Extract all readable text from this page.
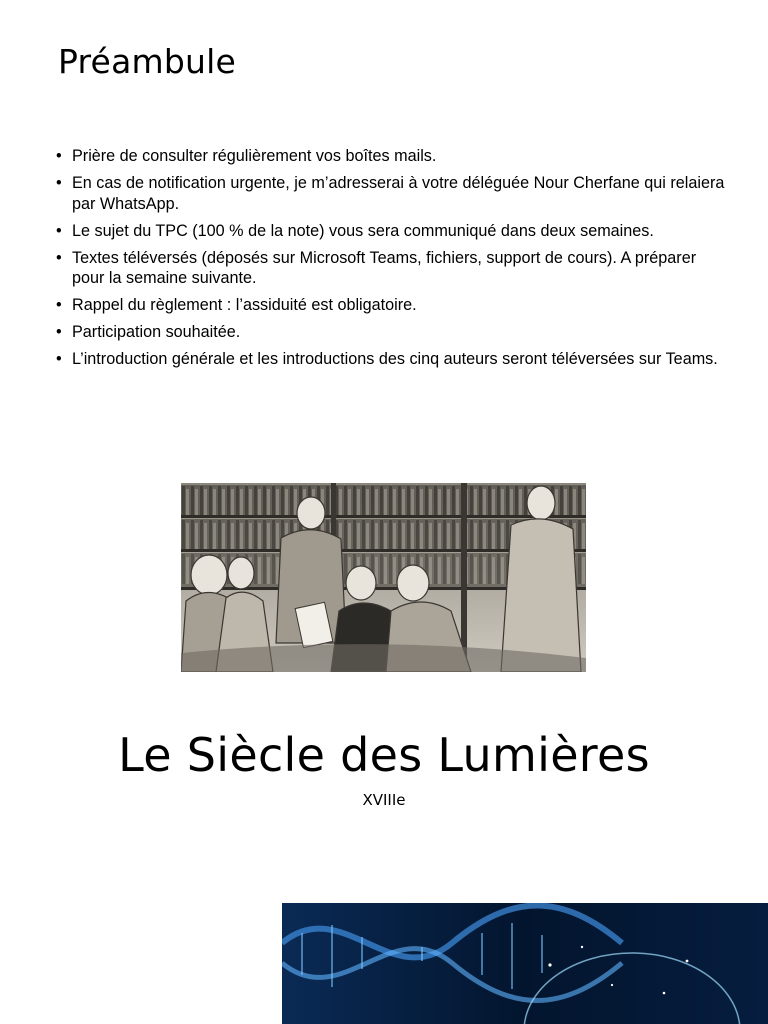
Préambule
• Prière de consulter régulièrement vos boîtes mails.
• En cas de notification urgente, je m’adresserai à votre déléguée Nour Cherfane qui relaiera par WhatsApp.
• Le sujet du TPC (100 % de la note) vous sera communiqué dans deux semaines.
• Textes téléversés (déposés sur Microsoft Teams, fichiers, support de cours). A préparer pour la semaine suivante.
• Rappel du règlement : l’assiduité est obligatoire.
• Participation souhaitée.
• L’introduction générale et les introductions des cinq auteurs seront téléversées sur Teams.
Le Siècle des Lumières
XVIIIe
